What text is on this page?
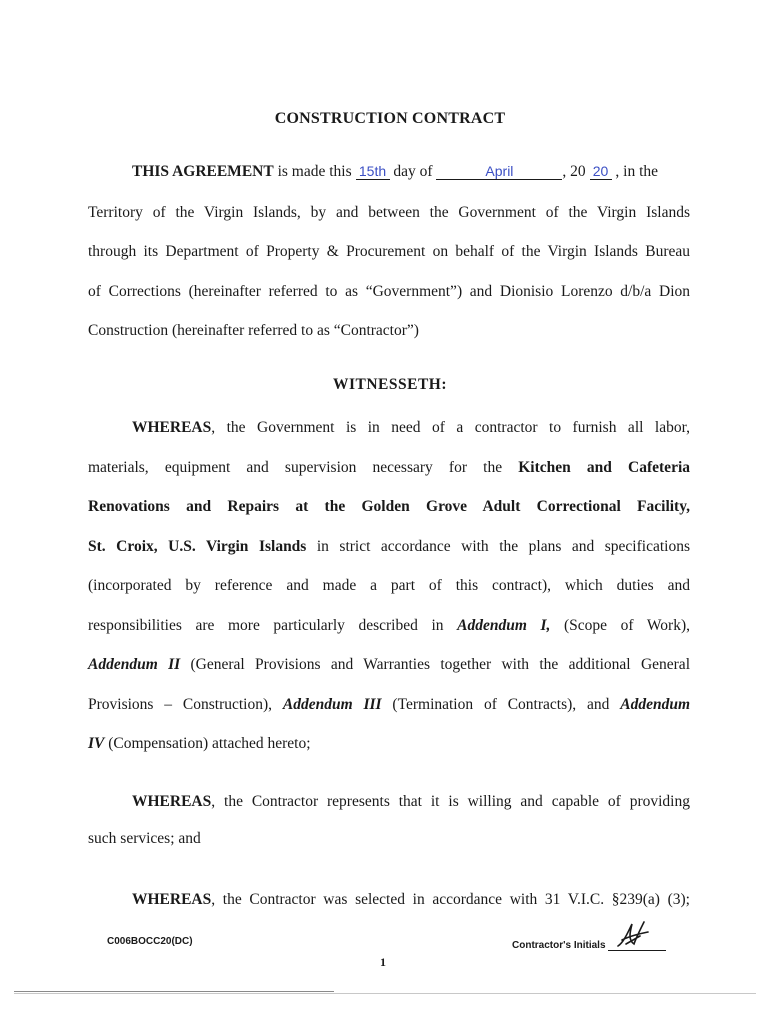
CONSTRUCTION CONTRACT
THIS AGREEMENT is made this 15th day of	April	, 20 20 , in the
Territory of the Virgin Islands, by and between the Government of the Virgin Islands
through its Department of Property & Procurement on behalf of the Virgin Islands Bureau
of Corrections (hereinafter referred to as “Government”) and Dionisio Lorenzo d/b/a Dion
Construction (hereinafter referred to as “Contractor”)
WITNESSETH:
WHEREAS, the Government is in need of a contractor to furnish all labor,
materials, equipment and supervision necessary for the Kitchen and Cafeteria
Renovations and Repairs at the Golden Grove Adult Correctional Facility,
St. Croix, U.S. Virgin Islands in strict accordance with the plans and specifications
(incorporated by reference and made a part of this contract), which duties and
responsibilities are more particularly described in Addendum I, (Scope of Work),
Addendum II (General Provisions and Warranties together with the additional General
Provisions – Construction), Addendum III (Termination of Contracts), and Addendum
IV (Compensation) attached hereto;
WHEREAS, the Contractor represents that it is willing and capable of providing
such services; and
WHEREAS, the Contractor was selected in accordance with 31 V.I.C. §239(a) (3);
C006BOCC20(DC)	Contractor's Initials
1
